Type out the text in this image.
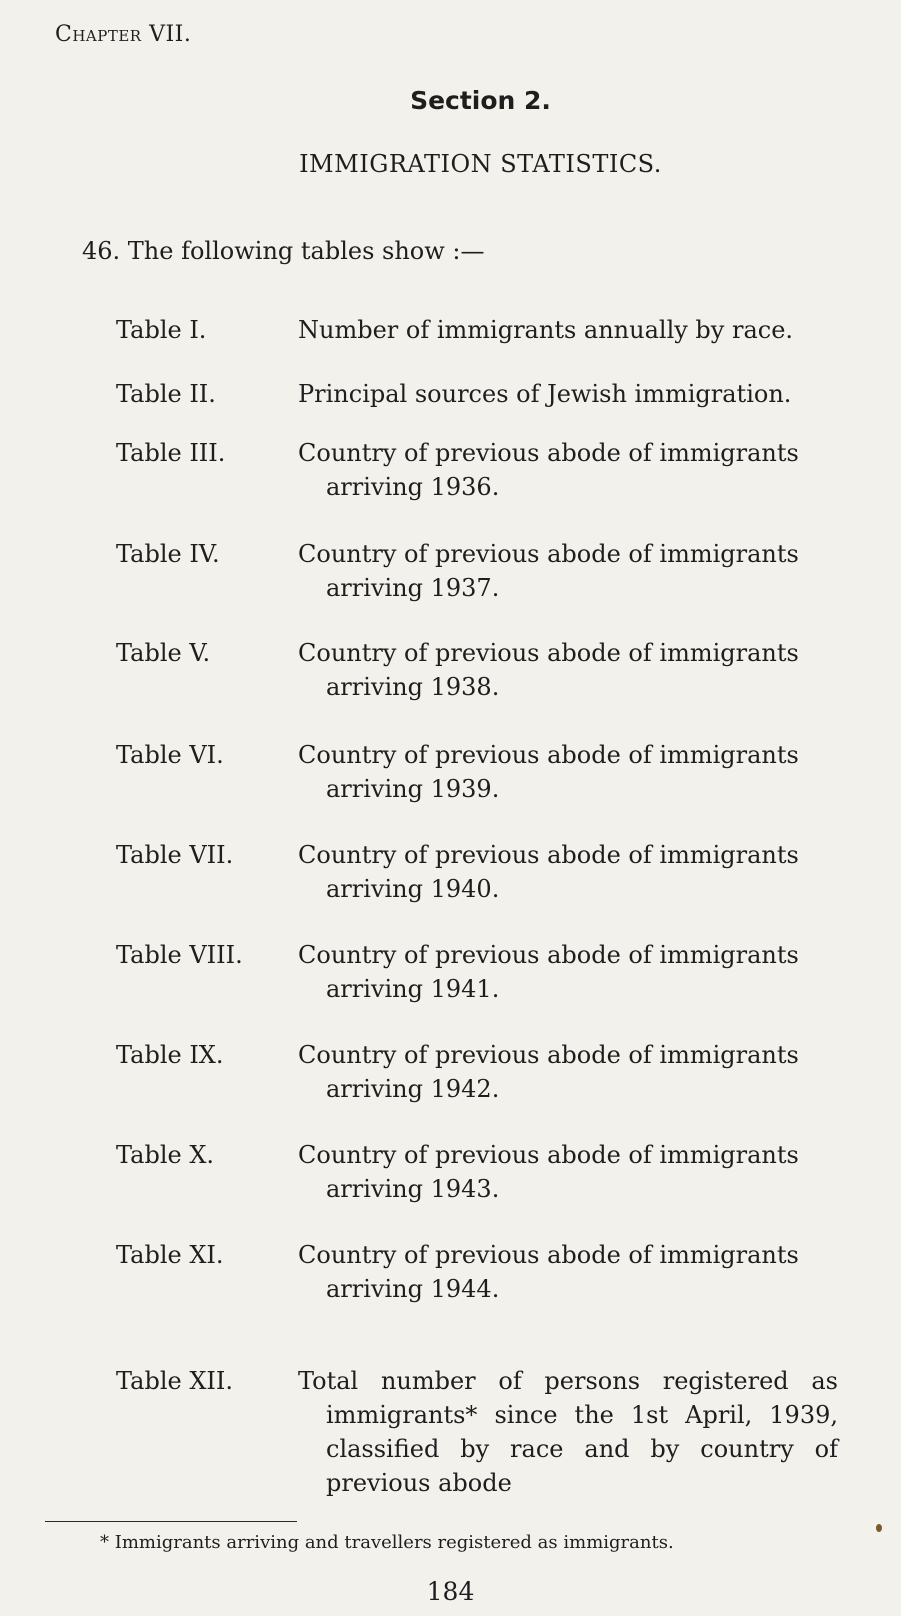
Chapter VII.
Section 2.
IMMIGRATION STATISTICS.
46. The following tables show :—
Table I.	Number of immigrants annually by race.
Table II.	Principal sources of Jewish immigration.
Table III.	Country of previous abode of immigrants arriving 1936.
Table IV.	Country of previous abode of immigrants arriving 1937.
Table V.	Country of previous abode of immigrants arriving 1938.
Table VI.	Country of previous abode of immigrants arriving 1939.
Table VII.	Country of previous abode of immigrants arriving 1940.
Table VIII. Country of previous abode of immigrants arriving 1941.
Table IX.	Country of previous abode of immigrants arriving 1942.
Table X.	Country of previous abode of immigrants arriving 1943.
Table XI.	Country of previous abode of immigrants arriving 1944.
Table XII.	Total number of persons registered as immigrants* since the 1st April, 1939, classified by race and by country of previous abode
* Immigrants arriving and travellers registered as immigrants.
184
